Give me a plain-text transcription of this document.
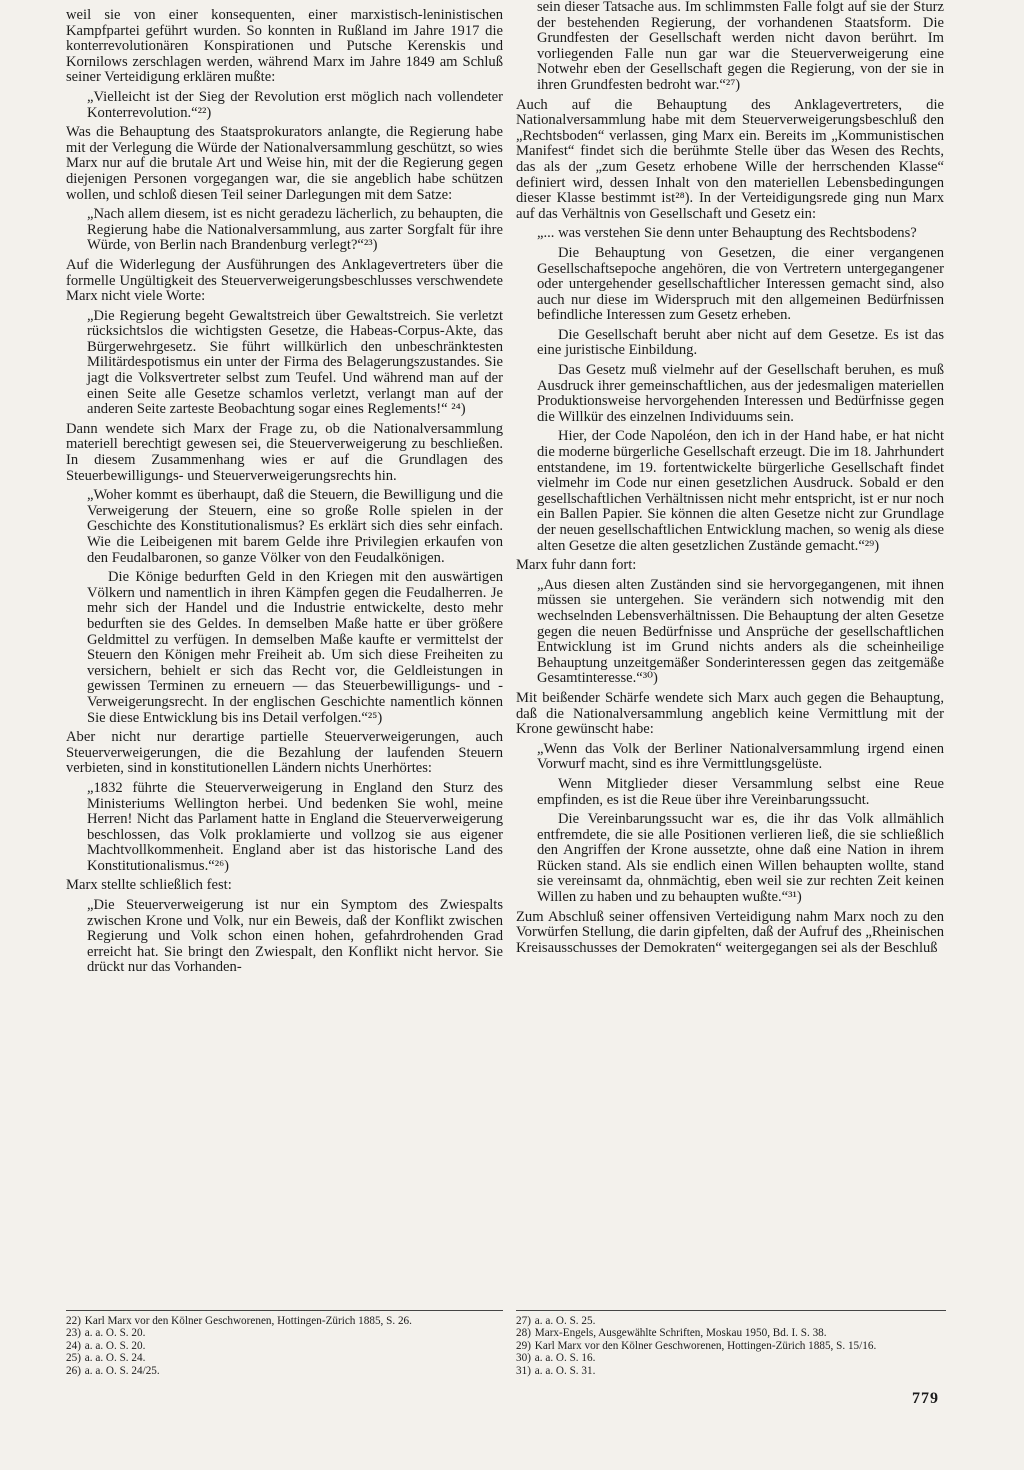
weil sie von einer konsequenten, einer marxistisch-leninistischen Kampfpartei geführt wurden. So konnten in Rußland im Jahre 1917 die konterrevolutionären Konspirationen und Putsche Kerenskis und Kornilows zerschlagen werden, während Marx im Jahre 1849 am Schluß seiner Verteidigung erklären mußte:

„Vielleicht ist der Sieg der Revolution erst möglich nach vollendeter Konterrevolution.“²²)

Was die Behauptung des Staatsprokurators anlangte, die Regierung habe mit der Verlegung die Würde der Nationalversammlung geschützt, so wies Marx nur auf die brutale Art und Weise hin, mit der die Regierung gegen diejenigen Personen vorgegangen war, die sie angeblich habe schützen wollen, und schloß diesen Teil seiner Darlegungen mit dem Satze:

„Nach allem diesem, ist es nicht geradezu lächerlich, zu behaupten, die Regierung habe die Nationalversammlung, aus zarter Sorgfalt für ihre Würde, von Berlin nach Brandenburg verlegt?“²³)

Auf die Widerlegung der Ausführungen des Anklagevertreters über die formelle Ungültigkeit des Steuerverweigerungsbeschlusses verschwendete Marx nicht viele Worte:

„Die Regierung begeht Gewaltstreich über Gewaltstreich. Sie verletzt rücksichtslos die wichtigsten Gesetze, die Habeas-Corpus-Akte, das Bürgerwehrgesetz. Sie führt willkürlich den unbeschränktesten Militärdespotismus ein unter der Firma des Belagerungszustandes. Sie jagt die Volksvertreter selbst zum Teufel. Und während man auf der einen Seite alle Gesetze schamlos verletzt, verlangt man auf der anderen Seite zarteste Beobachtung sogar eines Reglements!“ ²⁴)

Dann wendete sich Marx der Frage zu, ob die Nationalversammlung materiell berechtigt gewesen sei, die Steuerverweigerung zu beschließen. In diesem Zusammenhang wies er auf die Grundlagen des Steuerbewilligungs- und Steuerverweigerungsrechts hin.

„Woher kommt es überhaupt, daß die Steuern, die Bewilligung und die Verweigerung der Steuern, eine so große Rolle spielen in der Geschichte des Konstitutionalismus? Es erklärt sich dies sehr einfach. Wie die Leibeigenen mit barem Gelde ihre Privilegien erkaufen von den Feudalbaronen, so ganze Völker von den Feudalkönigen.

Die Könige bedurften Geld in den Kriegen mit den auswärtigen Völkern und namentlich in ihren Kämpfen gegen die Feudalherren. Je mehr sich der Handel und die Industrie entwickelte, desto mehr bedurften sie des Geldes. In demselben Maße hatte er über größere Geldmittel zu verfügen. In demselben Maße kaufte er vermittelst der Steuern den Königen mehr Freiheit ab. Um sich diese Freiheiten zu versichern, behielt er sich das Recht vor, die Geldleistungen in gewissen Terminen zu erneuern — das Steuerbewilligungs- und -Verweigerungsrecht. In der englischen Geschichte namentlich können Sie diese Entwicklung bis ins Detail verfolgen.“²⁵)

Aber nicht nur derartige partielle Steuerverweigerungen, auch Steuerverweigerungen, die die Bezahlung der laufenden Steuern verbieten, sind in konstitutionellen Ländern nichts Unerhörtes:

„1832 führte die Steuerverweigerung in England den Sturz des Ministeriums Wellington herbei. Und bedenken Sie wohl, meine Herren! Nicht das Parlament hatte in England die Steuerverweigerung beschlossen, das Volk proklamierte und vollzog sie aus eigener Machtvollkommenheit. England aber ist das historische Land des Konstitutionalismus.“²⁶)

Marx stellte schließlich fest:

„Die Steuerverweigerung ist nur ein Symptom des Zwiespalts zwischen Krone und Volk, nur ein Beweis, daß der Konflikt zwischen Regierung und Volk schon einen hohen, gefahrdrohenden Grad erreicht hat. Sie bringt den Zwiespalt, den Konflikt nicht hervor. Sie drückt nur das Vorhanden-

sein dieser Tatsache aus. Im schlimmsten Falle folgt auf sie der Sturz der bestehenden Regierung, der vorhandenen Staatsform. Die Grundfesten der Gesellschaft werden nicht davon berührt. Im vorliegenden Falle nun gar war die Steuerverweigerung eine Notwehr eben der Gesellschaft gegen die Regierung, von der sie in ihren Grundfesten bedroht war.“²⁷)

Auch auf die Behauptung des Anklagevertreters, die Nationalversammlung habe mit dem Steuerverweigerungsbeschluß den „Rechtsboden“ verlassen, ging Marx ein. Bereits im „Kommunistischen Manifest“ findet sich die berühmte Stelle über das Wesen des Rechts, das als der „zum Gesetz erhobene Wille der herrschenden Klasse“ definiert wird, dessen Inhalt von den materiellen Lebensbedingungen dieser Klasse bestimmt ist²⁸). In der Verteidigungsrede ging nun Marx auf das Verhältnis von Gesellschaft und Gesetz ein:

„... was verstehen Sie denn unter Behauptung des Rechtsbodens?

Die Behauptung von Gesetzen, die einer vergangenen Gesellschaftsepoche angehören, die von Vertretern untergegangener oder untergehender gesellschaftlicher Interessen gemacht sind, also auch nur diese im Widerspruch mit den allgemeinen Bedürfnissen befindliche Interessen zum Gesetz erheben.

Die Gesellschaft beruht aber nicht auf dem Gesetze. Es ist das eine juristische Einbildung.

Das Gesetz muß vielmehr auf der Gesellschaft beruhen, es muß Ausdruck ihrer gemeinschaftlichen, aus der jedesmaligen materiellen Produktionsweise hervorgehenden Interessen und Bedürfnisse gegen die Willkür des einzelnen Individuums sein.

Hier, der Code Napoléon, den ich in der Hand habe, er hat nicht die moderne bürgerliche Gesellschaft erzeugt. Die im 18. Jahrhundert entstandene, im 19. fortentwickelte bürgerliche Gesellschaft findet vielmehr im Code nur einen gesetzlichen Ausdruck. Sobald er den gesellschaftlichen Verhältnissen nicht mehr entspricht, ist er nur noch ein Ballen Papier. Sie können die alten Gesetze nicht zur Grundlage der neuen gesellschaftlichen Entwicklung machen, so wenig als diese alten Gesetze die alten gesetzlichen Zustände gemacht.“²⁹)

Marx fuhr dann fort:

„Aus diesen alten Zuständen sind sie hervorgegangenen, mit ihnen müssen sie untergehen. Sie verändern sich notwendig mit den wechselnden Lebensverhältnissen. Die Behauptung der alten Gesetze gegen die neuen Bedürfnisse und Ansprüche der gesellschaftlichen Entwicklung ist im Grund nichts anders als die scheinheilige Behauptung unzeitgemäßer Sonderinteressen gegen das zeitgemäße Gesamtinteresse.“³⁰)

Mit beißender Schärfe wendete sich Marx auch gegen die Behauptung, daß die Nationalversammlung angeblich keine Vermittlung mit der Krone gewünscht habe:

„Wenn das Volk der Berliner Nationalversammlung irgend einen Vorwurf macht, sind es ihre Vermittlungsgelüste.

Wenn Mitglieder dieser Versammlung selbst eine Reue empfinden, es ist die Reue über ihre Vereinbarungssucht.

Die Vereinbarungssucht war es, die ihr das Volk allmählich entfremdete, die sie alle Positionen verlieren ließ, die sie schließlich den Angriffen der Krone aussetzte, ohne daß eine Nation in ihrem Rücken stand. Als sie endlich einen Willen behaupten wollte, stand sie vereinsamt da, ohnmächtig, eben weil sie zur rechten Zeit keinen Willen zu haben und zu behaupten wußte.“³¹)

Zum Abschluß seiner offensiven Verteidigung nahm Marx noch zu den Vorwürfen Stellung, die darin gipfelten, daß der Aufruf des „Rheinischen Kreisausschusses der Demokraten“ weitergegangen sei als der Beschluß

22) Karl Marx vor den Kölner Geschworenen, Hottingen-Zürich 1885, S. 26.
23) a. a. O. S. 20.
24) a. a. O. S. 20.
25) a. a. O. S. 24.
26) a. a. O. S. 24/25.
27) a. a. O. S. 25.
28) Marx-Engels, Ausgewählte Schriften, Moskau 1950, Bd. I. S. 38.
29) Karl Marx vor den Kölner Geschworenen, Hottingen-Zürich 1885, S. 15/16.
30) a. a. O. S. 16.
31) a. a. O. S. 31.
779
